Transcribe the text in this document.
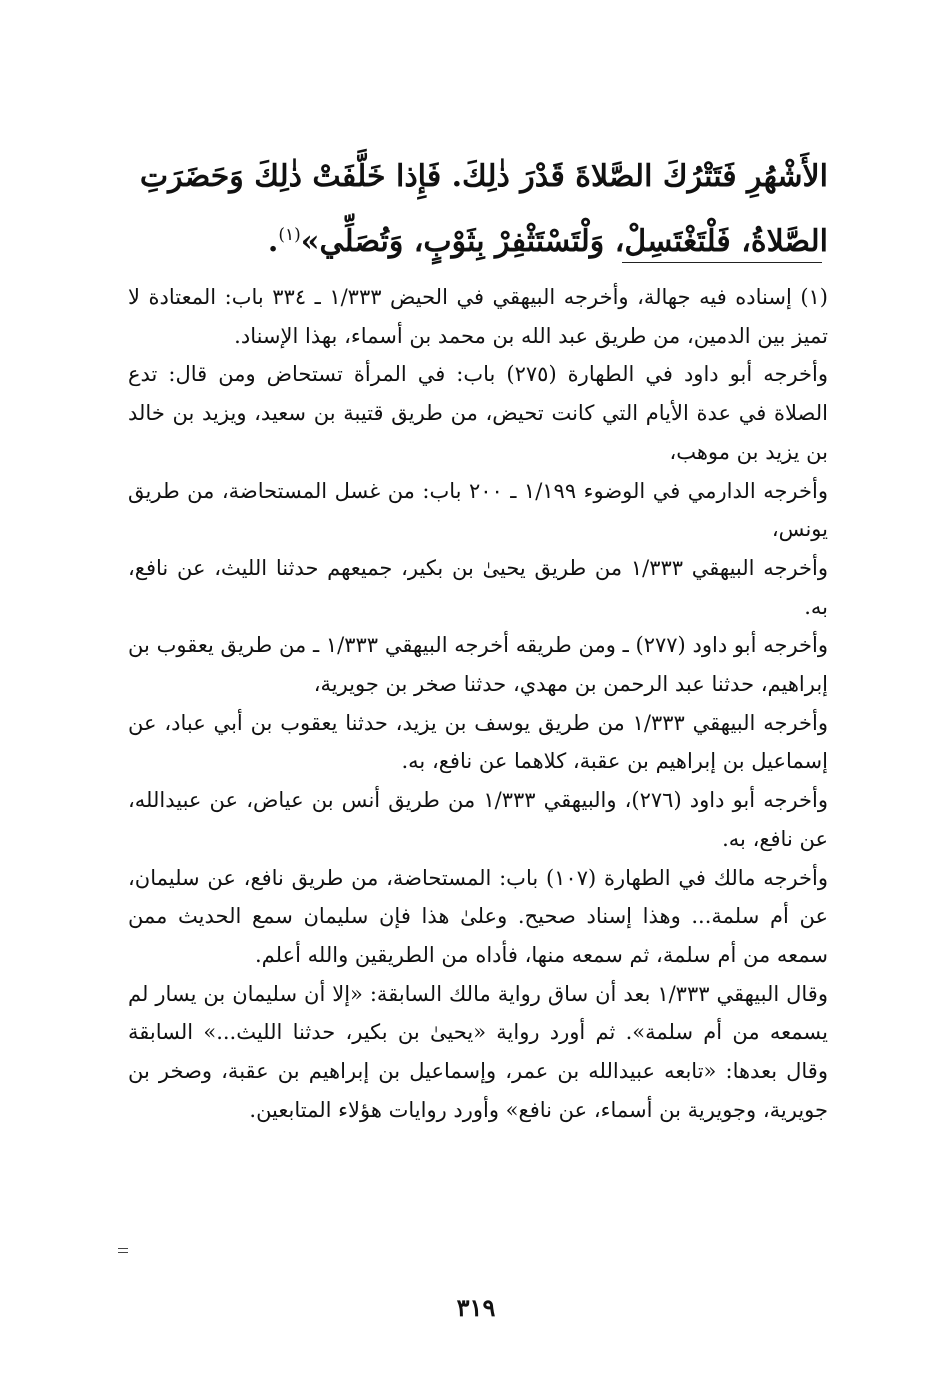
الأَشْهُرِ فَتَتْرُكَ الصَّلاةَ قَدْرَ ذٰلِكَ. فَإِذا خَلَّفَتْ ذٰلِكَ وَحَضَرَتِ
الصَّلاةُ، فَلْتَغْتَسِلْ، وَلْتَسْتَثْفِرْ بِثَوْبٍ، وَتُصَلِّي»$^{(١)}$.

(١) إسناده فيه جهالة، وأخرجه البيهقي في الحيض ١/٣٣٣ ـ ٣٣٤ باب: المعتادة لا تميز بين الدمين، من طريق عبد الله بن محمد بن أسماء، بهذا الإسناد.

وأخرجه أبو داود في الطهارة (٢٧٥) باب: في المرأة تستحاض ومن قال: تدع الصلاة في عدة الأيام التي كانت تحيض، من طريق قتيبة بن سعيد، ويزيد بن خالد بن يزيد بن موهب،

وأخرجه الدارمي في الوضوء ١/١٩٩ ـ ٢٠٠ باب: من غسل المستحاضة، من طريق يونس،

وأخرجه البيهقي ١/٣٣٣ من طريق يحيىٰ بن بكير، جميعهم حدثنا الليث، عن نافع، به.

وأخرجه أبو داود (٢٧٧) ـ ومن طريقه أخرجه البيهقي ١/٣٣٣ ـ من طريق يعقوب بن إبراهيم، حدثنا عبد الرحمن بن مهدي، حدثنا صخر بن جويرية،

وأخرجه البيهقي ١/٣٣٣ من طريق يوسف بن يزيد، حدثنا يعقوب بن أبي عباد، عن إسماعيل بن إبراهيم بن عقبة، كلاهما عن نافع، به.

وأخرجه أبو داود (٢٧٦)، والبيهقي ١/٣٣٣ من طريق أنس بن عياض، عن عبيدالله، عن نافع، به.

وأخرجه مالك في الطهارة (١٠٧) باب: المستحاضة، من طريق نافع، عن سليمان، عن أم سلمة... وهذا إسناد صحيح. وعلىٰ هذا فإن سليمان سمع الحديث ممن سمعه من أم سلمة، ثم سمعه منها، فأداه من الطريقين والله أعلم.

وقال البيهقي ١/٣٣٣ بعد أن ساق رواية مالك السابقة: «إلا أن سليمان بن يسار لم يسمعه من أم سلمة». ثم أورد رواية «يحيىٰ بن بكير، حدثنا الليث...» السابقة وقال بعدها: «تابعه عبيدالله بن عمر، وإسماعيل بن إبراهيم بن عقبة، وصخر بن جويرية، وجويرية بن أسماء، عن نافع» وأورد روايات هؤلاء المتابعين.

٣١٩
